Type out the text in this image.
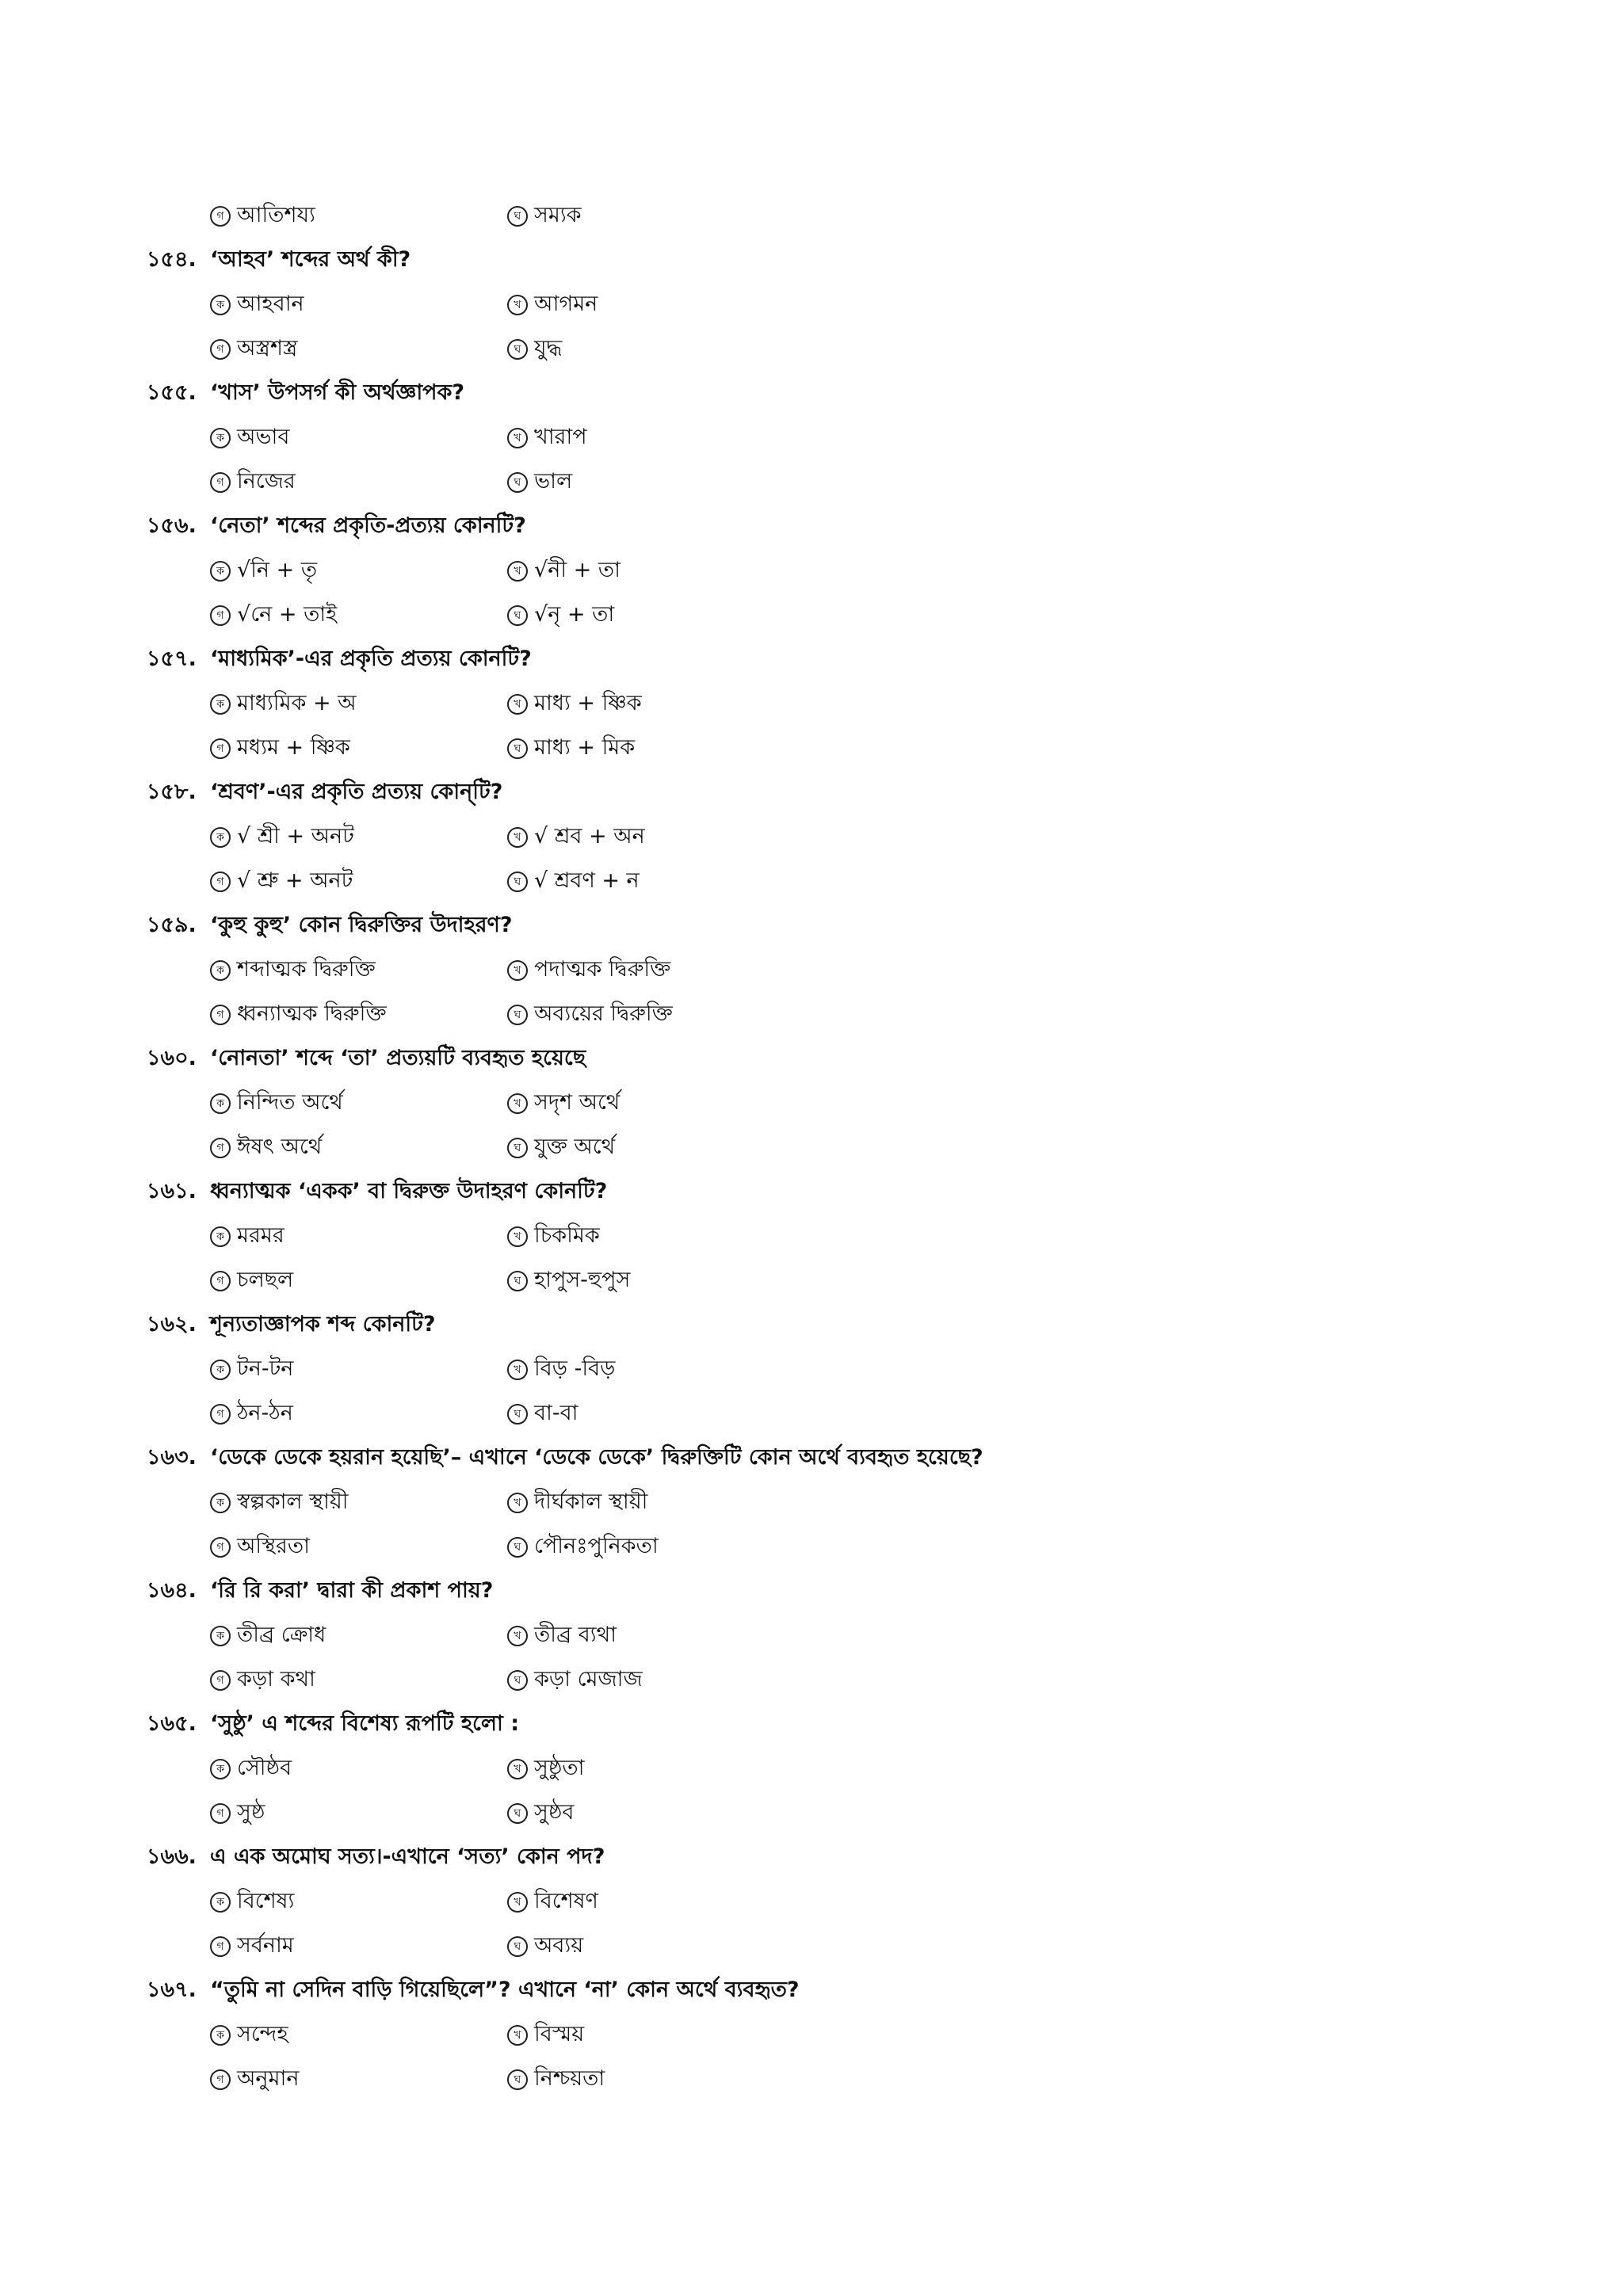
গ আতিশয্য	ঘ সম্যক
১৫৪. ‘আহব’ শব্দের অর্থ কী?
ক আহবান	খ আগমন
গ অস্ত্রশস্ত্র	ঘ যুদ্ধ
১৫৫. ‘খাস’ উপসর্গ কী অর্থজ্ঞাপক?
ক অভাব	খ খারাপ
গ নিজের	ঘ ভাল
১৫৬. ‘নেতা’ শব্দের প্রকৃতি-প্রত্যয় কোনটি?
ক √নি + তৃ	খ √নী + তা
গ √নে + তাই	ঘ √নৃ + তা
১৫৭. ‘মাধ্যমিক’-এর প্রকৃতি প্রত্যয় কোনটি?
ক মাধ্যমিক + অ	খ মাধ্য + ষ্ণিক
গ মধ্যম + ষ্ণিক	ঘ মাধ্য + মিক
১৫৮. ‘শ্রবণ’-এর প্রকৃতি প্রত্যয় কোন্‌টি?
ক √ শ্রী + অনট	খ √ শ্রব + অন
গ √ শ্রু + অনট	ঘ √ শ্রবণ + ন
১৫৯. ‘কুহু কুহু’ কোন দ্বিরুক্তির উদাহরণ?
ক শব্দাত্মক দ্বিরুক্তি	খ পদাত্মক দ্বিরুক্তি
গ ধ্বন্যাত্মক দ্বিরুক্তি	ঘ অব্যয়ের দ্বিরুক্তি
১৬০. ‘নোনতা’ শব্দে ‘তা’ প্রত্যয়টি ব্যবহৃত হয়েছে
ক নিন্দিত অর্থে	খ সদৃশ অর্থে
গ ঈষৎ অর্থে	ঘ যুক্ত অর্থে
১৬১. ধ্বন্যাত্মক ‘একক’ বা দ্বিরুক্ত উদাহরণ কোনটি?
ক মরমর	খ চিকমিক
গ চলছল	ঘ হাপুস-হুপুস
১৬২. শূন্যতাজ্ঞাপক শব্দ কোনটি?
ক টন-টন	খ বিড় -বিড়
গ ঠন-ঠন	ঘ বা-বা
১৬৩. ‘ডেকে ডেকে হয়রান হয়েছি’– এখানে ‘ডেকে ডেকে’ দ্বিরুক্তিটি কোন অর্থে ব্যবহৃত হয়েছে?
ক স্বল্পকাল স্থায়ী	খ দীর্ঘকাল স্থায়ী
গ অস্থিরতা	ঘ পৌনঃপুনিকতা
১৬৪. ‘রি রি করা’ দ্বারা কী প্রকাশ পায়?
ক তীব্র ক্রোধ	খ তীব্র ব্যথা
গ কড়া কথা	ঘ কড়া মেজাজ
১৬৫. ‘সুষ্ঠু’ এ শব্দের বিশেষ্য রূপটি হলো :
ক সৌষ্ঠব	খ সুষ্ঠুতা
গ সুষ্ঠ	ঘ সুষ্ঠব
১৬৬. এ এক অমোঘ সত্য।-এখানে ‘সত্য’ কোন পদ?
ক বিশেষ্য	খ বিশেষণ
গ সর্বনাম	ঘ অব্যয়
১৬৭. “তুমি না সেদিন বাড়ি গিয়েছিলে”? এখানে ‘না’ কোন অর্থে ব্যবহৃত?
ক সন্দেহ	খ বিস্ময়
গ অনুমান	ঘ নিশ্চয়তা
